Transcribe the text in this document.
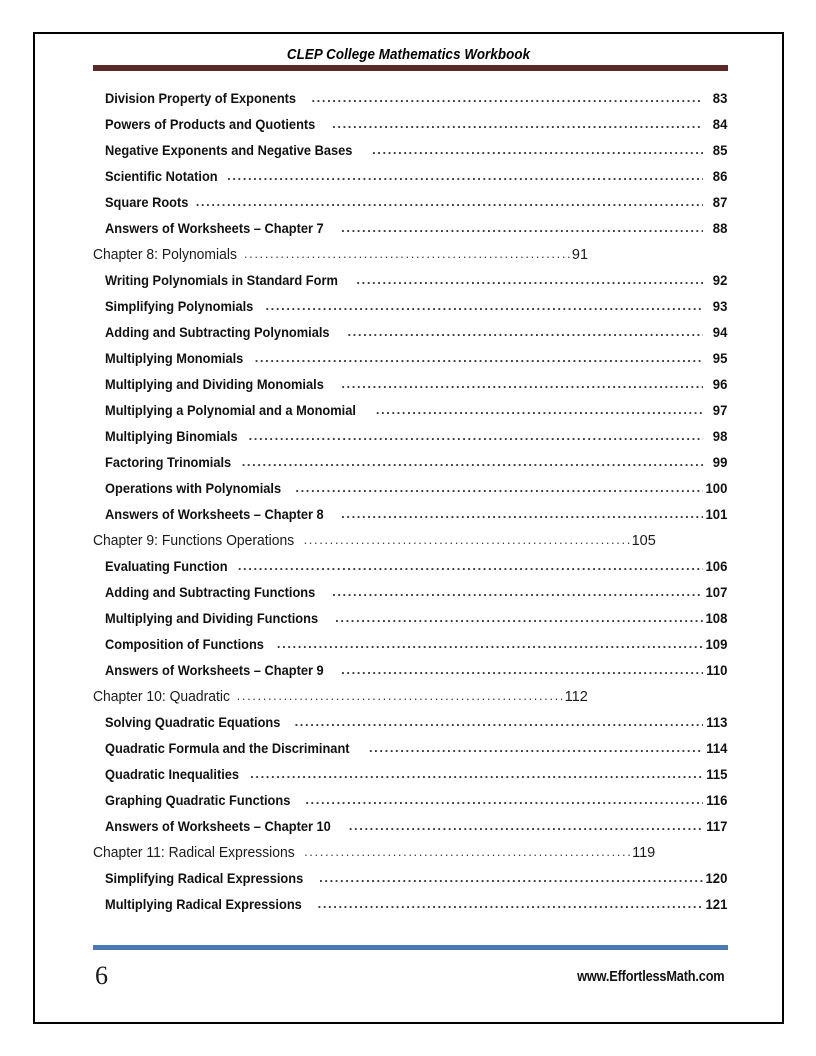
CLEP College Mathematics Workbook
Division Property of Exponents .....	83
Powers of Products and Quotients .....	84
Negative Exponents and Negative Bases .....	85
Scientific Notation .....	86
Square Roots .....	87
Answers of Worksheets – Chapter 7 .....	88
Chapter 8: Polynomials .....	91
Writing Polynomials in Standard Form .....	92
Simplifying Polynomials .....	93
Adding and Subtracting Polynomials .....	94
Multiplying Monomials .....	95
Multiplying and Dividing Monomials .....	96
Multiplying a Polynomial and a Monomial .....	97
Multiplying Binomials .....	98
Factoring Trinomials .....	99
Operations with Polynomials .....	100
Answers of Worksheets – Chapter 8 .....	101
Chapter 9: Functions Operations .....	105
Evaluating Function .....	106
Adding and Subtracting Functions .....	107
Multiplying and Dividing Functions .....	108
Composition of Functions .....	109
Answers of Worksheets – Chapter 9 .....	110
Chapter 10: Quadratic .....	112
Solving Quadratic Equations .....	113
Quadratic Formula and the Discriminant .....	114
Quadratic Inequalities .....	115
Graphing Quadratic Functions .....	116
Answers of Worksheets – Chapter 10 .....	117
Chapter 11: Radical Expressions .....	119
Simplifying Radical Expressions .....	120
Multiplying Radical Expressions .....	121
6	www.EffortlessMath.com
